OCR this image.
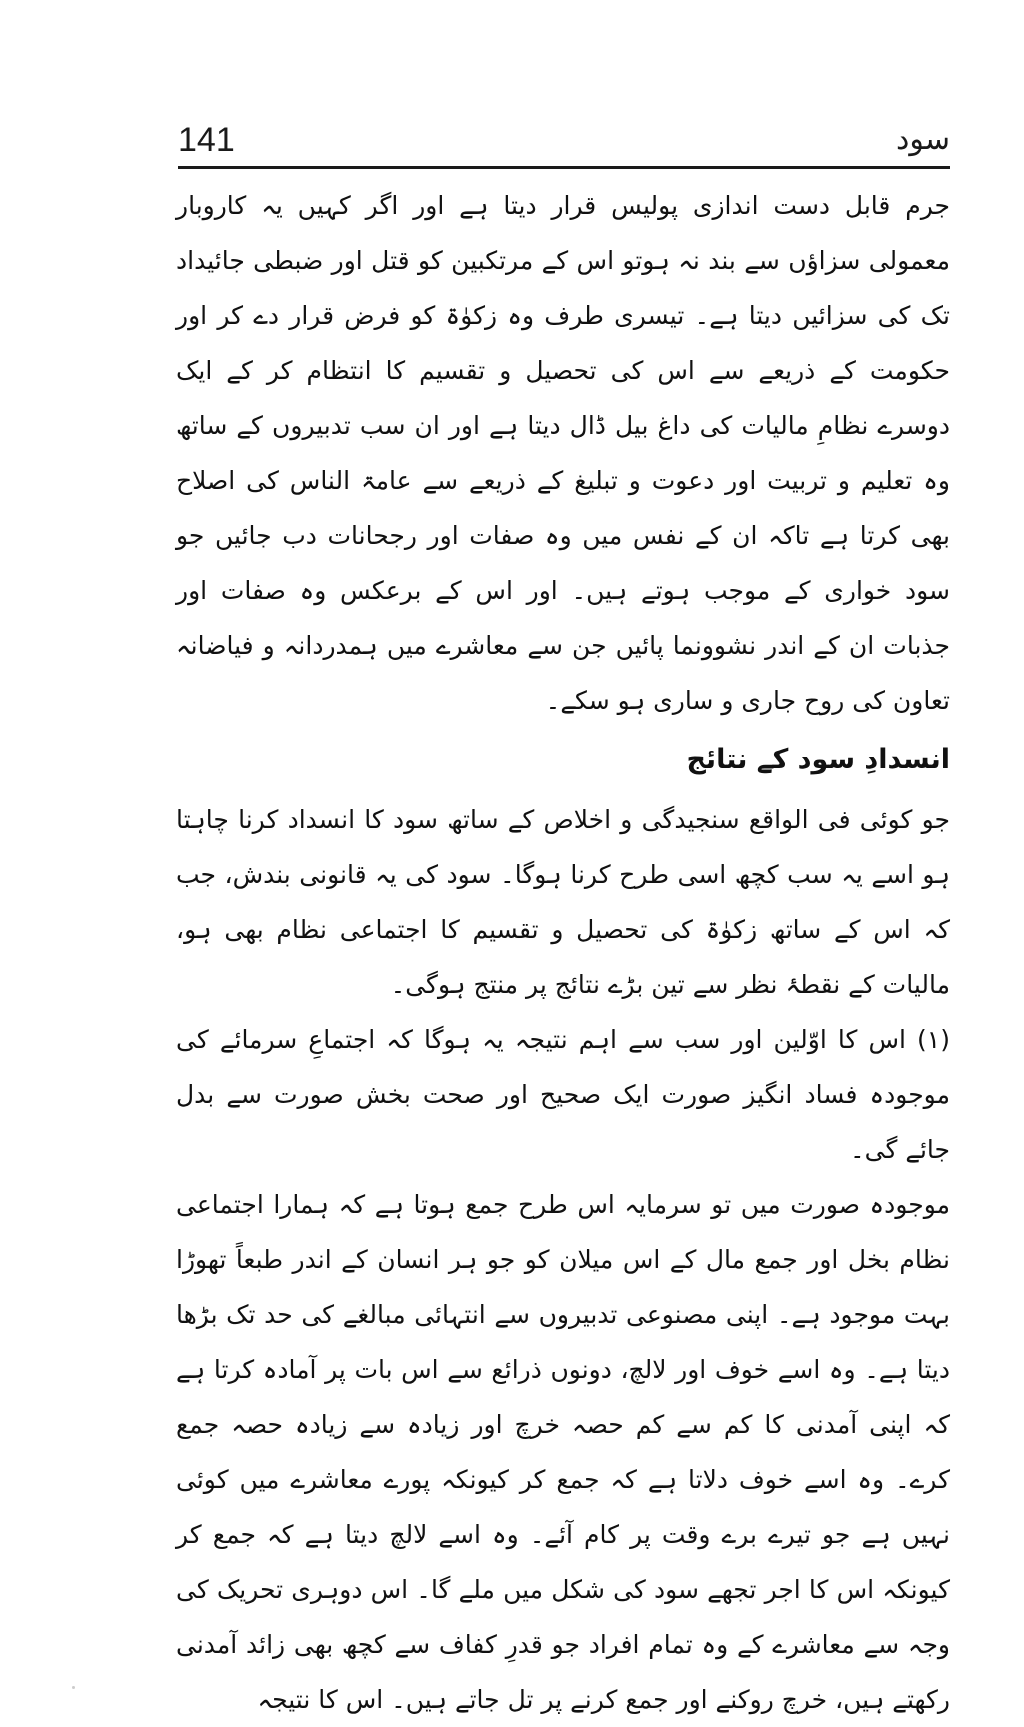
141	سود

جرم قابل دست اندازی پولیس قرار دیتا ہے اور اگر کہیں یہ کاروبار معمولی سزاؤں سے بند نہ ہوتو اس کے مرتکبین کو قتل اور ضبطی جائیداد تک کی سزائیں دیتا ہے۔ تیسری طرف وہ زکوٰۃ کو فرض قرار دے کر اور حکومت کے ذریعے سے اس کی تحصیل و تقسیم کا انتظام کر کے ایک دوسرے نظامِ مالیات کی داغ بیل ڈال دیتا ہے اور ان سب تدبیروں کے ساتھ وہ تعلیم و تربیت اور دعوت و تبلیغ کے ذریعے سے عامۃ الناس کی اصلاح بھی کرتا ہے تاکہ ان کے نفس میں وہ صفات اور رجحانات دب جائیں جو سود خواری کے موجب ہوتے ہیں۔ اور اس کے برعکس وہ صفات اور جذبات ان کے اندر نشوونما پائیں جن سے معاشرے میں ہمدردانہ و فیاضانہ تعاون کی روح جاری و ساری ہو سکے۔

انسدادِ سود کے نتائج

جو کوئی فی الواقع سنجیدگی و اخلاص کے ساتھ سود کا انسداد کرنا چاہتا ہو اسے یہ سب کچھ اسی طرح کرنا ہوگا۔ سود کی یہ قانونی بندش، جب کہ اس کے ساتھ زکوٰۃ کی تحصیل و تقسیم کا اجتماعی نظام بھی ہو، مالیات کے نقطۂ نظر سے تین بڑے نتائج پر منتج ہوگی۔

(۱) اس کا اوّلین اور سب سے اہم نتیجہ یہ ہوگا کہ اجتماعِ سرمائے کی موجودہ فساد انگیز صورت ایک صحیح اور صحت بخش صورت سے بدل جائے گی۔

موجودہ صورت میں تو سرمایہ اس طرح جمع ہوتا ہے کہ ہمارا اجتماعی نظام بخل اور جمع مال کے اس میلان کو جو ہر انسان کے اندر طبعاً تھوڑا بہت موجود ہے۔ اپنی مصنوعی تدبیروں سے انتہائی مبالغے کی حد تک بڑھا دیتا ہے۔ وہ اسے خوف اور لالچ، دونوں ذرائع سے اس بات پر آمادہ کرتا ہے کہ اپنی آمدنی کا کم سے کم حصہ خرچ اور زیادہ سے زیادہ حصہ جمع کرے۔ وہ اسے خوف دلاتا ہے کہ جمع کر کیونکہ پورے معاشرے میں کوئی نہیں ہے جو تیرے برے وقت پر کام آئے۔ وہ اسے لالچ دیتا ہے کہ جمع کر کیونکہ اس کا اجر تجھے سود کی شکل میں ملے گا۔ اس دوہری تحریک کی وجہ سے معاشرے کے وہ تمام افراد جو قدرِ کفاف سے کچھ بھی زائد آمدنی رکھتے ہیں، خرچ روکنے اور جمع کرنے پر تل جاتے ہیں۔ اس کا نتیجہ
